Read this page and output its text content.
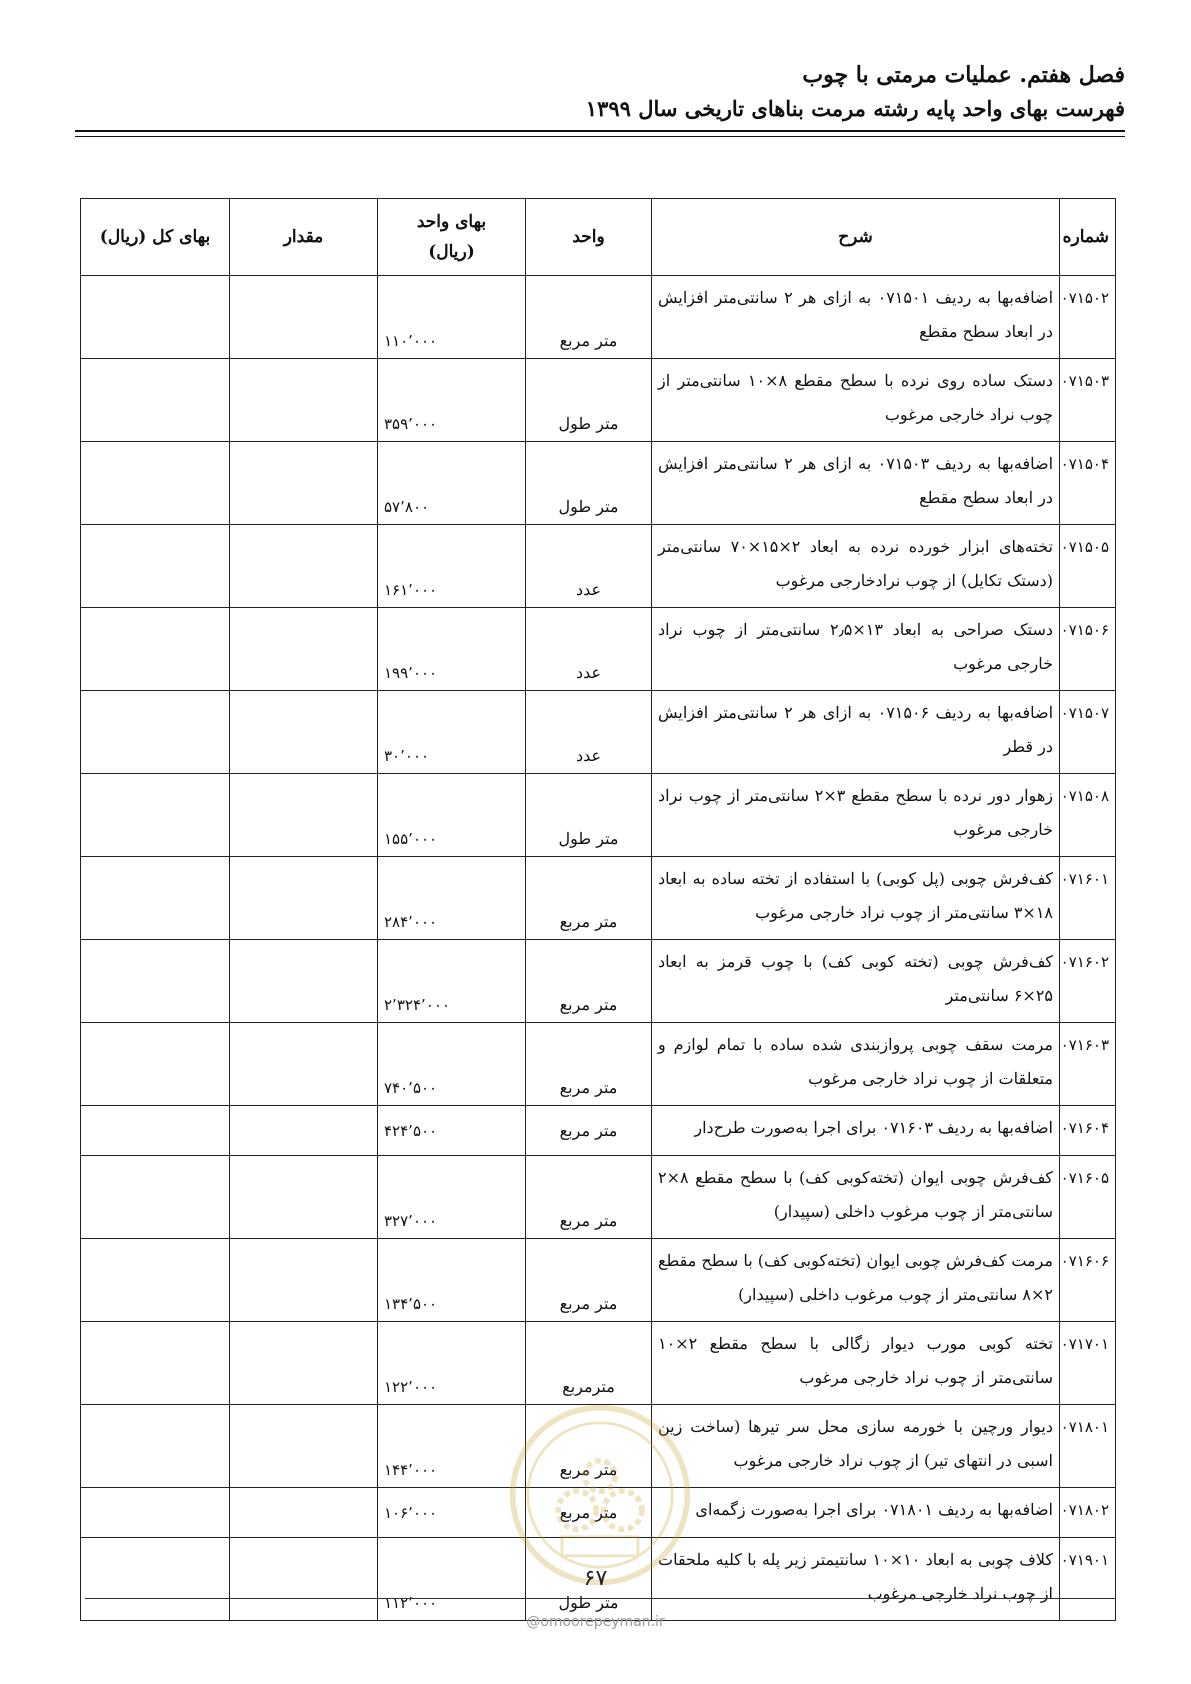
فصل هفتم. عملیات مرمتی با چوب
فهرست بهای واحد پایه رشته مرمت بناهای تاریخی سال ۱۳۹۹
شماره	شرح	واحد	بهای واحد (ریال)	مقدار	بهای کل (ریال)
۰۷۱۵۰۲	اضافه‌بها به ردیف ۰۷۱۵۰۱ به ازای هر ۲ سانتی‌متر افزایش در ابعاد سطح مقطع	متر مربع	۱۱۰٬۰۰۰		
۰۷۱۵۰۳	دستک ساده روی نرده با سطح مقطع ۸×۱۰ سانتی‌متر از چوب نراد خارجی مرغوب	متر طول	۳۵۹٬۰۰۰		
۰۷۱۵۰۴	اضافه‌بها به ردیف ۰۷۱۵۰۳ به ازای هر ۲ سانتی‌متر افزایش در ابعاد سطح مقطع	متر طول	۵۷٬۸۰۰		
۰۷۱۵۰۵	تخته‌های ابزار خورده نرده به ابعاد ۲×۱۵×۷۰ سانتی‌متر (دستک تکایل) از چوب نرادخارجی مرغوب	عدد	۱۶۱٬۰۰۰		
۰۷۱۵۰۶	دستک صراحی به ابعاد ۱۳×۲٫۵ سانتی‌متر از چوب نراد خارجی مرغوب	عدد	۱۹۹٬۰۰۰		
۰۷۱۵۰۷	اضافه‌بها به ردیف ۰۷۱۵۰۶ به ازای هر ۲ سانتی‌متر افزایش در قطر	عدد	۳۰٬۰۰۰		
۰۷۱۵۰۸	زهوار دور نرده با سطح مقطع ۳×۲ سانتی‌متر از چوب نراد خارجی مرغوب	متر طول	۱۵۵٬۰۰۰		
۰۷۱۶۰۱	کف‌فرش چوبی (پل کوبی) با استفاده از تخته ساده به ابعاد ۱۸×۳ سانتی‌متر از چوب نراد خارجی مرغوب	متر مربع	۲۸۴٬۰۰۰		
۰۷۱۶۰۲	کف‌فرش چوبی (تخته کوبی کف) با چوب قرمز به ابعاد ۲۵×۶ سانتی‌متر	متر مربع	۲٬۳۲۴٬۰۰۰		
۰۷۱۶۰۳	مرمت سقف چوبی پروازبندی شده ساده با تمام لوازم و متعلقات از چوب نراد خارجی مرغوب	متر مربع	۷۴۰٬۵۰۰		
۰۷۱۶۰۴	اضافه‌بها به ردیف ۰۷۱۶۰۳ برای اجرا به‌صورت طرح‌دار	متر مربع	۴۲۴٬۵۰۰		
۰۷۱۶۰۵	کف‌فرش چوبی ایوان (تخته‌کوبی کف) با سطح مقطع ۸×۲ سانتی‌متر از چوب مرغوب داخلی (سپیدار)	متر مربع	۳۲۷٬۰۰۰		
۰۷۱۶۰۶	مرمت کف‌فرش چوبی ایوان (تخته‌کوبی کف) با سطح مقطع ۲×۸ سانتی‌متر از چوب مرغوب داخلی (سپیدار)	متر مربع	۱۳۴٬۵۰۰		
۰۷۱۷۰۱	تخته کوبی مورب دیوار زگالی با سطح مقطع ۲×۱۰ سانتی‌متر از چوب نراد خارجی مرغوب	مترمربع	۱۲۲٬۰۰۰		
۰۷۱۸۰۱	دیوار ورچین با خورمه سازی محل سر تیرها (ساخت زین اسبی در انتهای تیر) از چوب نراد خارجی مرغوب	متر مربع	۱۴۴٬۰۰۰		
۰۷۱۸۰۲	اضافه‌بها به ردیف ۰۷۱۸۰۱ برای اجرا به‌صورت زگمه‌ای	متر مربع	۱۰۶٬۰۰۰		
۰۷۱۹۰۱	کلاف چوبی به ابعاد ۱۰×۱۰ سانتیمتر زیر پله با کلیه ملحقات از چوب نراد خارجی مرغوب	متر طول	۱۱۲٬۰۰۰		
۶۷
@omoorepeyman.ir
